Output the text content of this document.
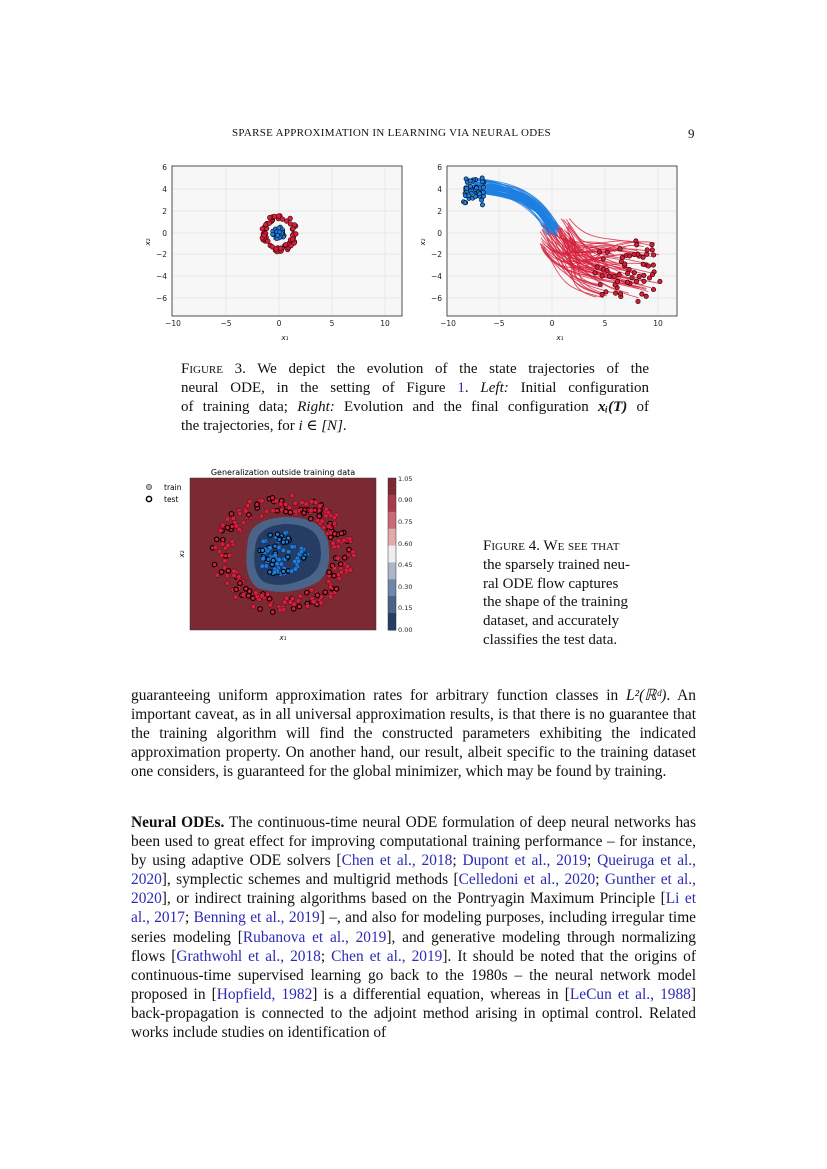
SPARSE APPROXIMATION IN LEARNING VIA NEURAL ODES	9
6
4
2
0
−2
−4
−6
−10	−5	0	5	10
x₁
x₂
6
4
2
0
−2
−4
−6
−10	−5	0	5	10
x₁
x₂
Figure 3. We depict the evolution of the state trajectories of the
neural ODE, in the setting of Figure 1. Left: Initial configuration
of training data; Right: Evolution and the final configuration xᵢ(T) of
the trajectories, for i ∈ [N].
Generalization outside training data
train
test
x₁
x₂
1.05
0.90
0.75
0.60
0.45
0.30
0.15
0.00
Figure 4. We see that
the sparsely trained neu-
ral ODE flow captures
the shape of the training
dataset, and accurately
classifies the test data.
guaranteeing uniform approximation rates for arbitrary function classes in L²(ℝᵈ). An important caveat, as in all universal approximation results, is that there is no guarantee that the training algorithm will find the constructed parameters exhibiting the indicated approximation property. On another hand, our result, albeit specific to the training dataset one considers, is guaranteed for the global minimizer, which may be found by training.
Neural ODEs. The continuous-time neural ODE formulation of deep neural networks has been used to great effect for improving computational training performance – for instance, by using adaptive ODE solvers [Chen et al., 2018; Dupont et al., 2019; Queiruga et al., 2020], symplectic schemes and multigrid methods [Celledoni et al., 2020; Gunther et al., 2020], or indirect training algorithms based on the Pontryagin Maximum Principle [Li et al., 2017; Benning et al., 2019] –, and also for modeling purposes, including irregular time series modeling [Rubanova et al., 2019], and generative modeling through normalizing flows [Grathwohl et al., 2018; Chen et al., 2019]. It should be noted that the origins of continuous-time supervised learning go back to the 1980s – the neural network model proposed in [Hopfield, 1982] is a differential equation, whereas in [LeCun et al., 1988] back-propagation is connected to the adjoint method arising in optimal control. Related works include studies on identification of
